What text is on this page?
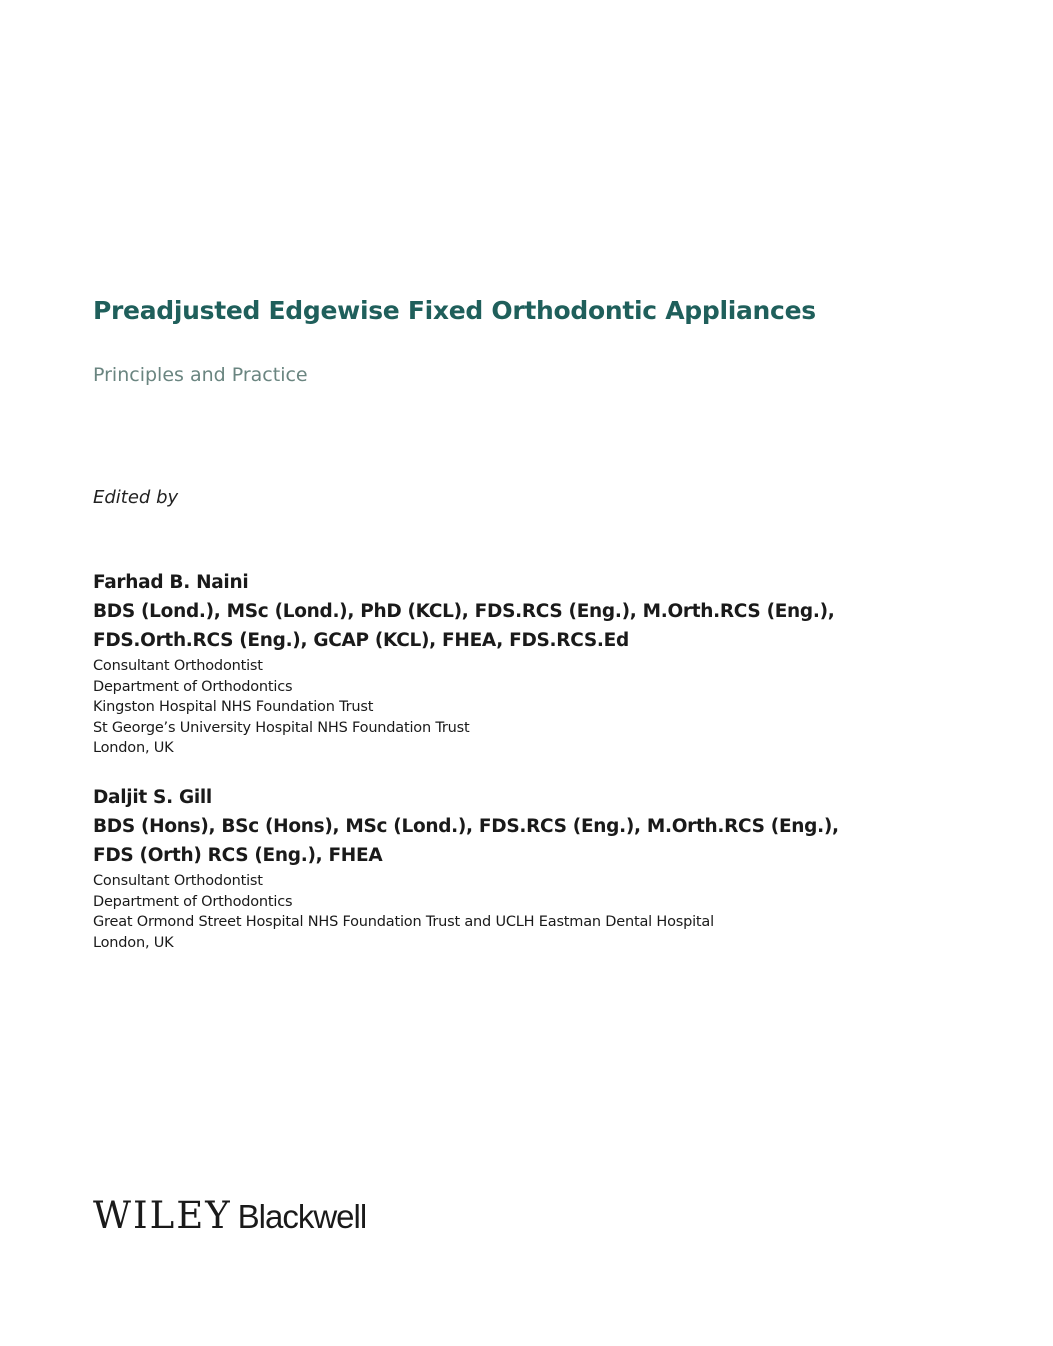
Preadjusted Edgewise Fixed Orthodontic Appliances
Principles and Practice
Edited by
Farhad B. Naini
BDS (Lond.), MSc (Lond.), PhD (KCL), FDS.RCS (Eng.), M.Orth.RCS (Eng.),
FDS.Orth.RCS (Eng.), GCAP (KCL), FHEA, FDS.RCS.Ed
Consultant Orthodontist
Department of Orthodontics
Kingston Hospital NHS Foundation Trust
St George’s University Hospital NHS Foundation Trust
London, UK
Daljit S. Gill
BDS (Hons), BSc (Hons), MSc (Lond.), FDS.RCS (Eng.), M.Orth.RCS (Eng.),
FDS (Orth) RCS (Eng.), FHEA
Consultant Orthodontist
Department of Orthodontics
Great Ormond Street Hospital NHS Foundation Trust and UCLH Eastman Dental Hospital
London, UK
WILEY Blackwell
